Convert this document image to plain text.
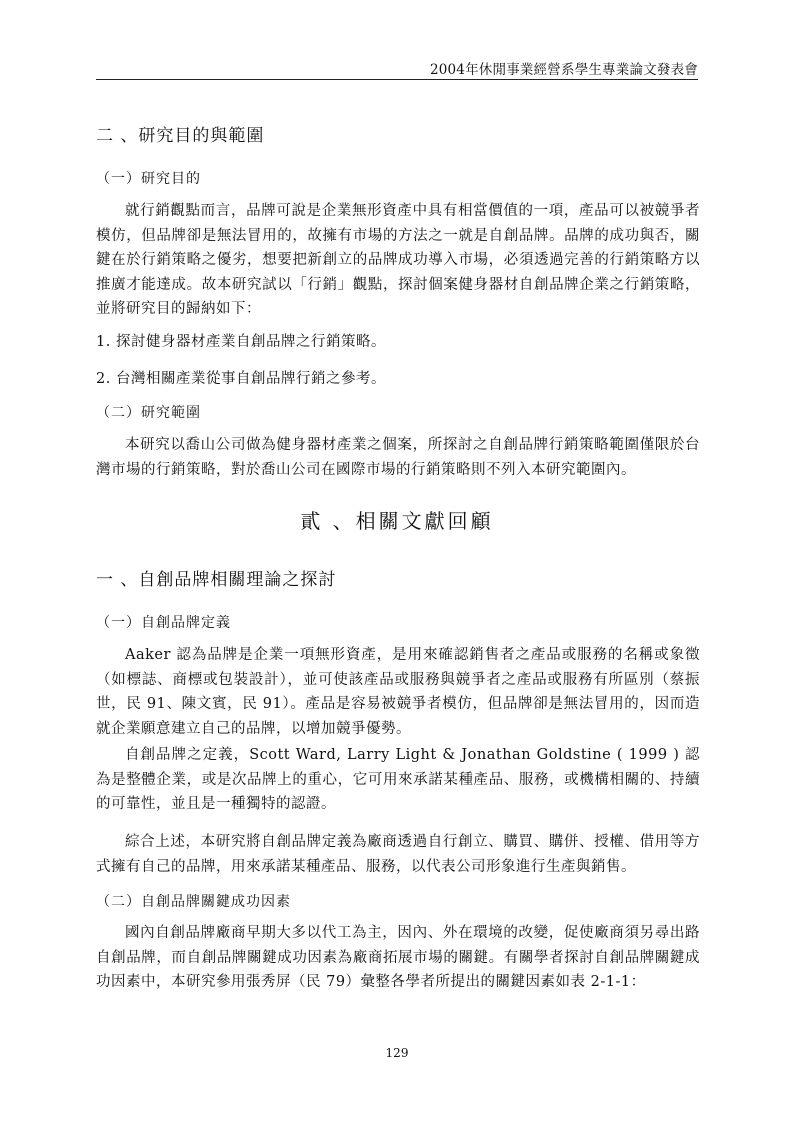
2004年休閒事業經營系學生專業論文發表會
二 、研究目的與範圍
（一）研究目的
就行銷觀點而言，品牌可說是企業無形資產中具有相當價值的一項，產品可以被競爭者模仿，但品牌卻是無法冒用的，故擁有市場的方法之一就是自創品牌。品牌的成功與否，關鍵在於行銷策略之優劣，想要把新創立的品牌成功導入市場，必須透過完善的行銷策略方以推廣才能達成。故本研究試以「行銷」觀點，探討個案健身器材自創品牌企業之行銷策略，並將研究目的歸納如下：
1. 探討健身器材產業自創品牌之行銷策略。
2. 台灣相關產業從事自創品牌行銷之參考。
（二）研究範圍
本研究以喬山公司做為健身器材產業之個案，所探討之自創品牌行銷策略範圍僅限於台灣市場的行銷策略，對於喬山公司在國際市場的行銷策略則不列入本研究範圍內。
貳 、相關文獻回顧
一 、自創品牌相關理論之探討
（一）自創品牌定義
Aaker 認為品牌是企業一項無形資產，是用來確認銷售者之產品或服務的名稱或象徵（如標誌、商標或包裝設計），並可使該產品或服務與競爭者之產品或服務有所區別（蔡振世，民 91、陳文賓，民 91）。產品是容易被競爭者模仿，但品牌卻是無法冒用的，因而造就企業願意建立自己的品牌，以增加競爭優勢。
自創品牌之定義，Scott Ward, Larry Light & Jonathan Goldstine ( 1999 ) 認為是整體企業，或是次品牌上的重心，它可用來承諾某種產品、服務，或機構相關的、持續的可靠性，並且是一種獨特的認證。
綜合上述，本研究將自創品牌定義為廠商透過自行創立、購買、購併、授權、借用等方式擁有自己的品牌，用來承諾某種產品、服務，以代表公司形象進行生產與銷售。
（二）自創品牌關鍵成功因素
國內自創品牌廠商早期大多以代工為主，因內、外在環境的改變，促使廠商須另尋出路自創品牌，而自創品牌關鍵成功因素為廠商拓展市場的關鍵。有關學者探討自創品牌關鍵成功因素中，本研究參用張秀屏（民 79）彙整各學者所提出的關鍵因素如表 2-1-1：
129
